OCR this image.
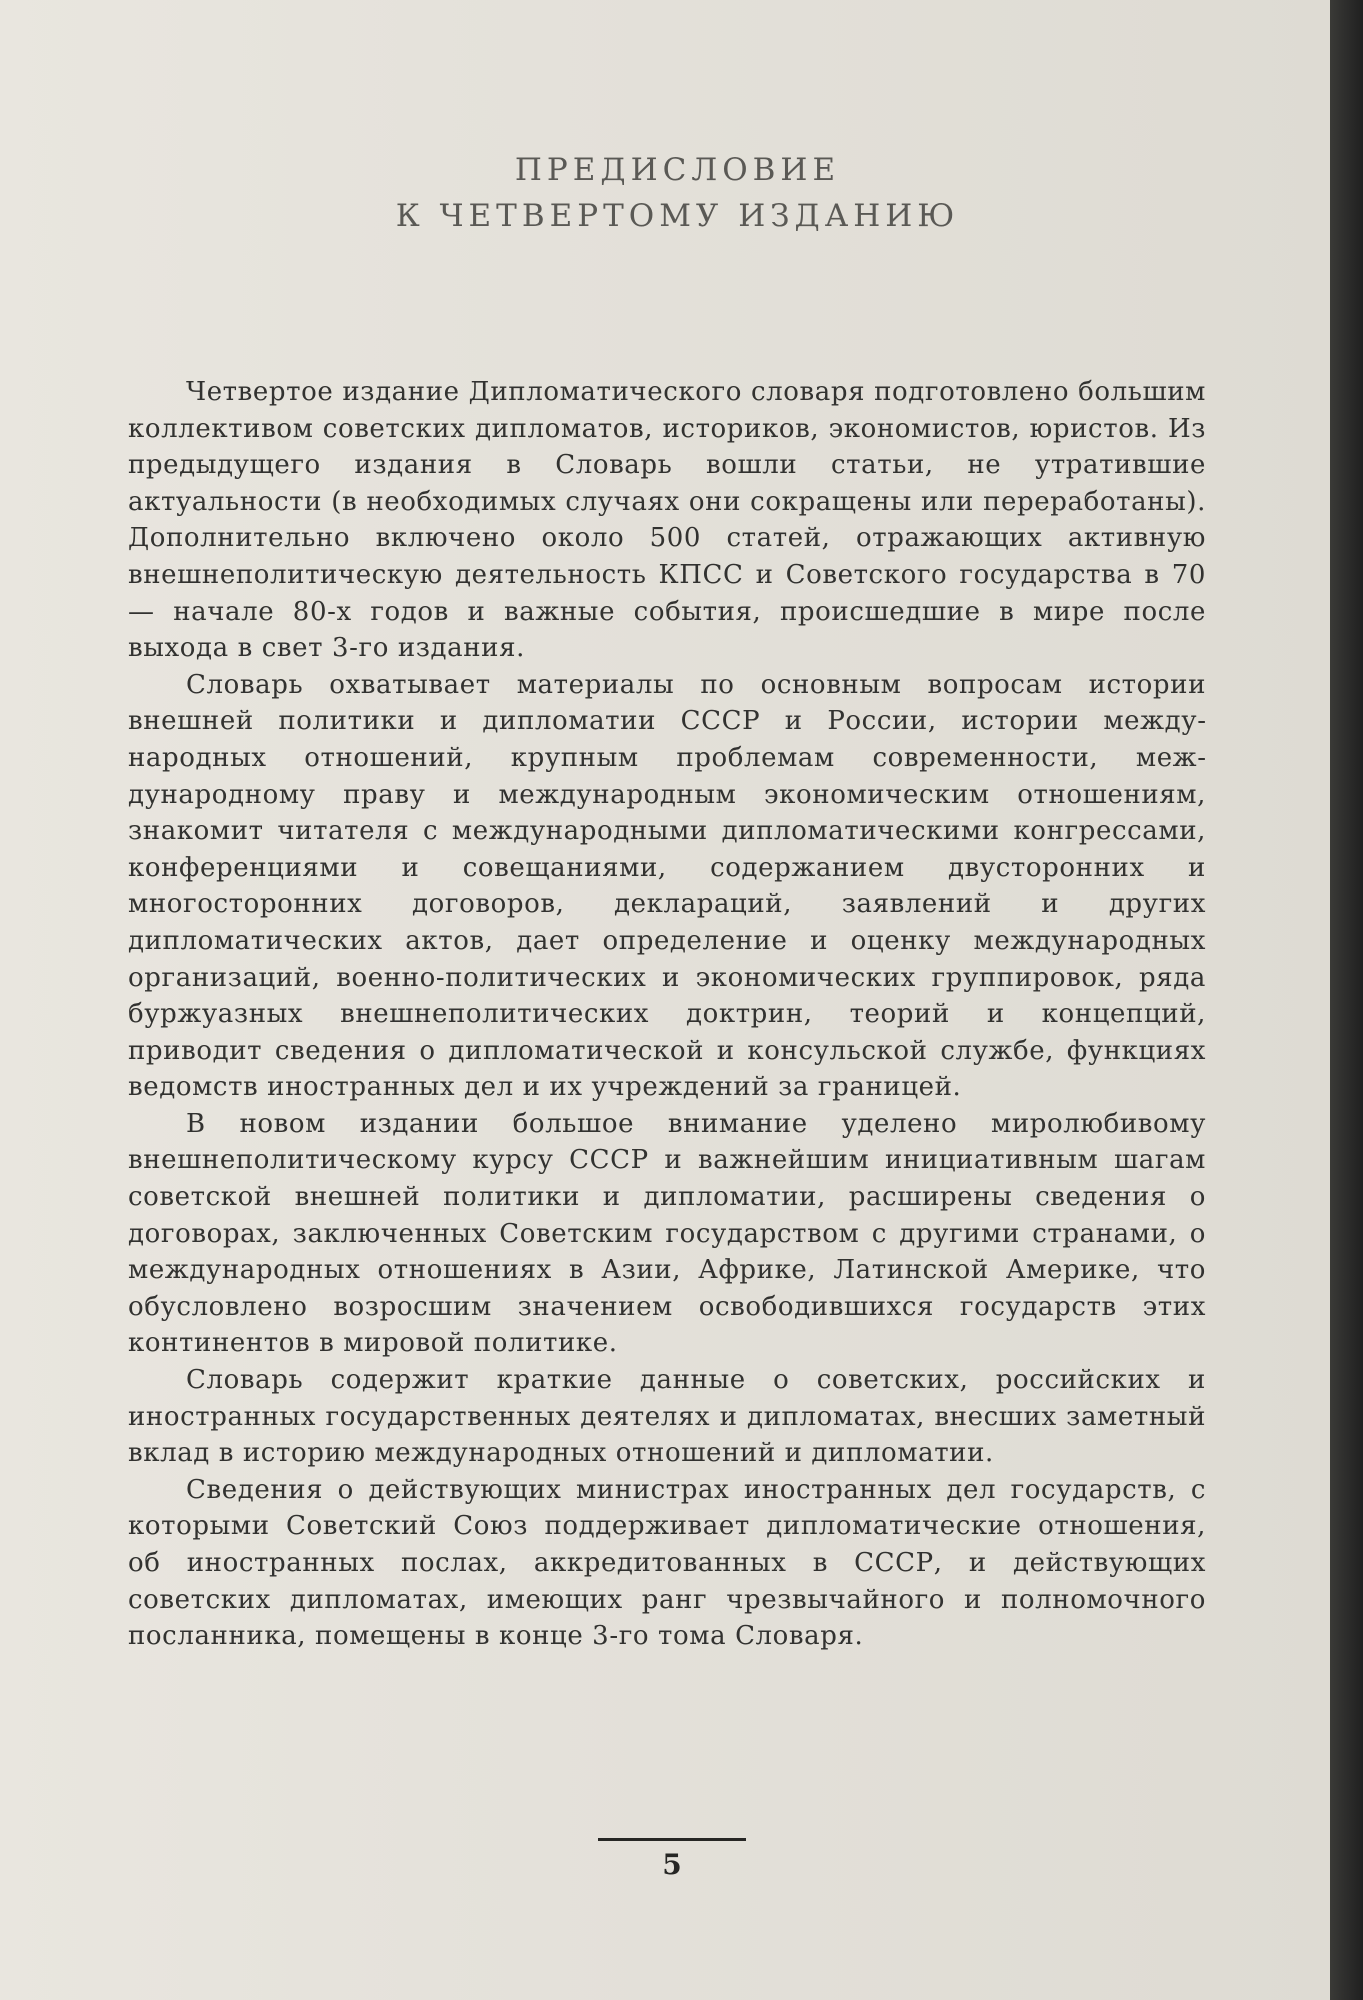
ПРЕДИСЛОВИЕ
К ЧЕТВЕРТОМУ ИЗДАНИЮ

Четвертое издание Дипломатического словаря подготовлено большим коллективом советских дипломатов, историков, экономистов, юристов. Из предыдущего издания в Словарь вошли статьи, не утратившие актуальности (в необходимых случаях они сокращены или переработаны). Дополнительно включено около 500 статей, отражающих активную внешнеполитическую деятельность КПСС и Советского государства в 70 — начале 80-х годов и важные события, происшедшие в мире после выхода в свет 3-го издания.

Словарь охватывает материалы по основным вопросам истории внешней политики и дипломатии СССР и России, истории международных отношений, крупным проблемам современности, международному праву и международным экономическим отношениям, знакомит читателя с международными дипломатическими конгрессами, конференциями и совещаниями, содержанием двусторонних и многосторонних договоров, деклараций, заявлений и других дипломатических актов, дает определение и оценку международных организаций, военно-политических и экономических группировок, ряда буржуазных внешнеполитических доктрин, теорий и концепций, приводит сведения о дипломатической и консульской службе, функциях ведомств иностранных дел и их учреждений за границей.

В новом издании большое внимание уделено миролюбивому внешнеполитическому курсу СССР и важнейшим инициативным шагам советской внешней политики и дипломатии, расширены сведения о договорах, заключенных Советским государством с другими странами, о международных отношениях в Азии, Африке, Латинской Америке, что обусловлено возросшим значением освободившихся государств этих континентов в мировой политике.

Словарь содержит краткие данные о советских, российских и иностранных государственных деятелях и дипломатах, внесших заметный вклад в историю международных отношений и дипломатии.

Сведения о действующих министрах иностранных дел государств, с которыми Советский Союз поддерживает дипломатические отношения, об иностранных послах, аккредитованных в СССР, и действующих советских дипломатах, имеющих ранг чрезвычайного и полномочного посланника, помещены в конце 3-го тома Словаря.

5
